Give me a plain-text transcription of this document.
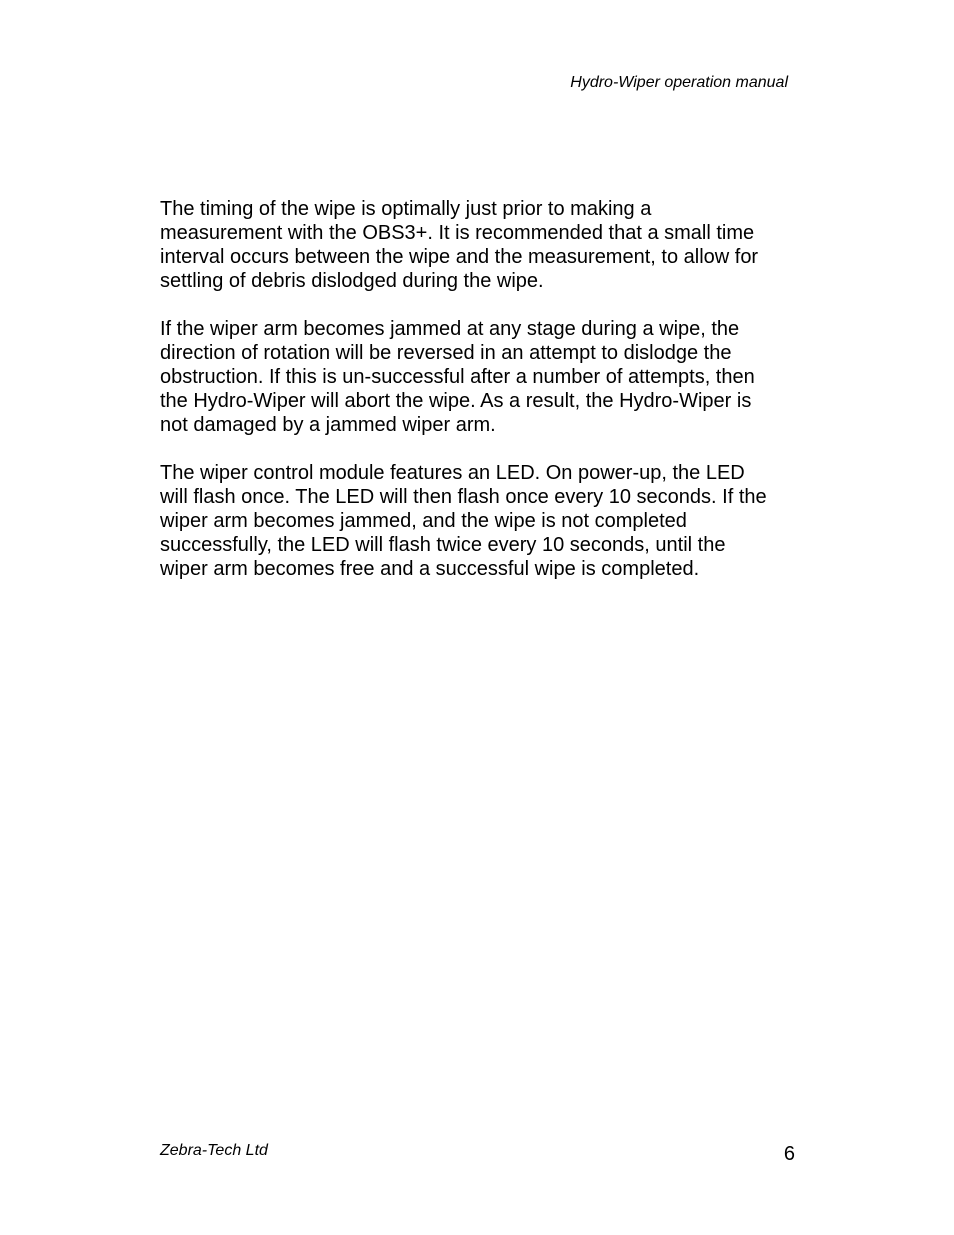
Hydro-Wiper operation manual

The timing of the wipe is optimally just prior to making a
measurement with the OBS3+. It is recommended that a small time
interval occurs between the wipe and the measurement, to allow for
settling of debris dislodged during the wipe.

If the wiper arm becomes jammed at any stage during a wipe, the
direction of rotation will be reversed in an attempt to dislodge the
obstruction. If this is un-successful after a number of attempts, then
the Hydro-Wiper will abort the wipe. As a result, the Hydro-Wiper is
not damaged by a jammed wiper arm.

The wiper control module features an LED. On power-up, the LED
will flash once. The LED will then flash once every 10 seconds. If the
wiper arm becomes jammed, and the wipe is not completed
successfully, the LED will flash twice every 10 seconds, until the
wiper arm becomes free and a successful wipe is completed.

Zebra-Tech Ltd	6
